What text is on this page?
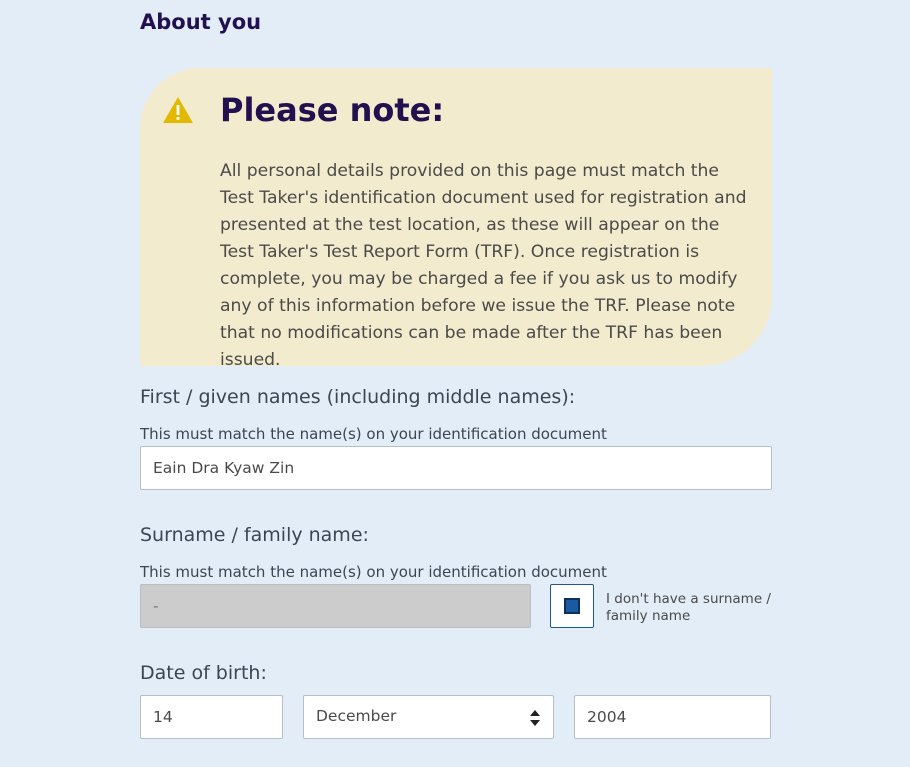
About you
Please note:

All personal details provided on this page must match the Test Taker's identification document used for registration and presented at the test location, as these will appear on the Test Taker's Test Report Form (TRF). Once registration is complete, you may be charged a fee if you ask us to modify any of this information before we issue the TRF. Please note that no modifications can be made after the TRF has been issued.

First / given names (including middle names):

This must match the name(s) on your identification document

Eain Dra Kyaw Zin
Surname / family name:

This must match the name(s) on your identification document

-

I don't have a surname / family name

Date of birth:
14
December
2004
